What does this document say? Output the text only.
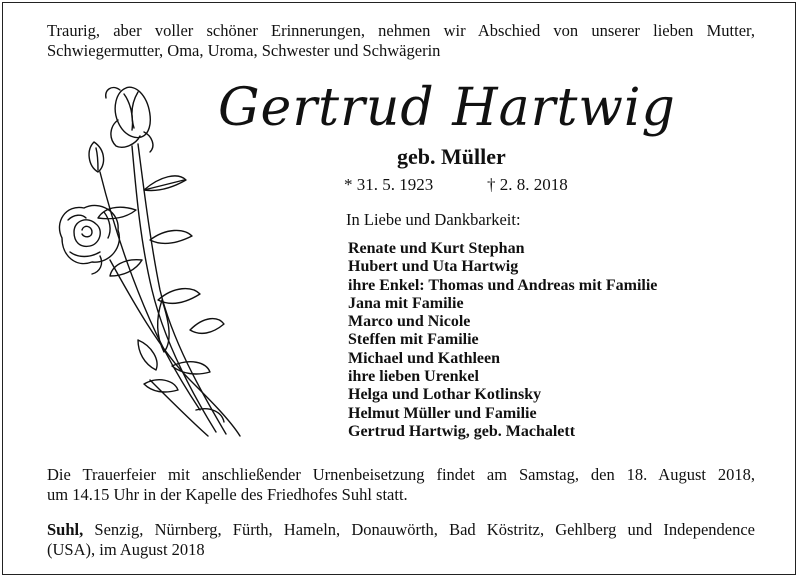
Traurig, aber voller schöner Erinnerungen, nehmen wir Abschied von unserer lieben Mutter,
Schwiegermutter, Oma, Uroma, Schwester und Schwägerin
Gertrud Hartwig
geb. Müller
* 31. 5. 1923	† 2. 8. 2018
In Liebe und Dankbarkeit:
Renate und Kurt Stephan
Hubert und Uta Hartwig
ihre Enkel: Thomas und Andreas mit Familie
Jana mit Familie
Marco und Nicole
Steffen mit Familie
Michael und Kathleen
ihre lieben Urenkel
Helga und Lothar Kotlinsky
Helmut Müller und Familie
Gertrud Hartwig, geb. Machalett
Die Trauerfeier mit anschließender Urnenbeisetzung findet am Samstag, den 18. August 2018,
um 14.15 Uhr in der Kapelle des Friedhofes Suhl statt.
Suhl, Senzig, Nürnberg, Fürth, Hameln, Donauwörth, Bad Köstritz, Gehlberg und Independence
(USA), im August 2018
